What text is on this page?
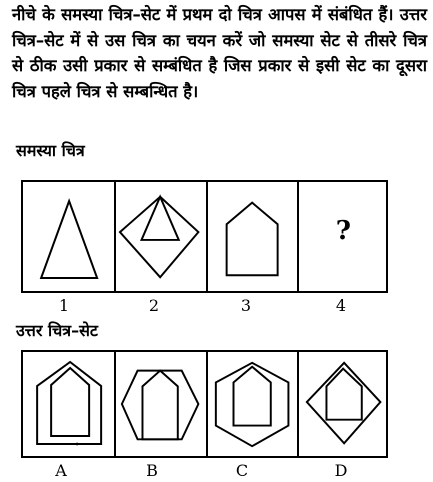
नीचे के समस्या चित्र–सेट में प्रथम दो चित्र आपस में संबंधित हैं। उत्तर चित्र–सेट में से उस चित्र का चयन करें जो समस्या सेट से तीसरे चित्र से ठीक उसी प्रकार से सम्बंधित है जिस प्रकार से इसी सेट का दूसरा चित्र पहले चित्र से सम्बन्धित है।

समस्या चित्र
?
1	2	3	4
उत्तर चित्र–सेट
A	B	C	D
